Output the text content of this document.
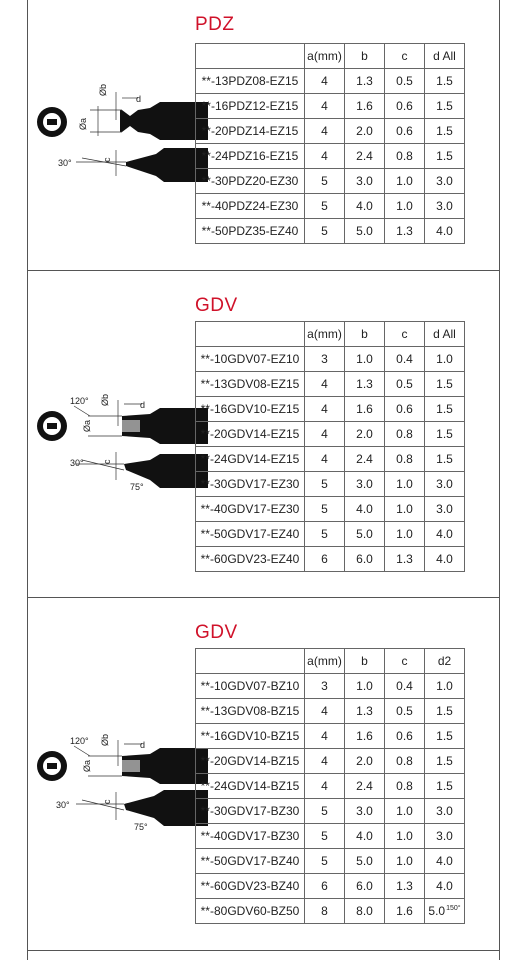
PDZ
Øa
Øb
d
30°	c
	a(mm)	b	c	d All
**-13PDZ08-EZ15	4	1.3	0.5	1.5
**-16PDZ12-EZ15	4	1.6	0.6	1.5
**-20PDZ14-EZ15	4	2.0	0.6	1.5
**-24PDZ16-EZ15	4	2.4	0.8	1.5
**-30PDZ20-EZ30	5	3.0	1.0	3.0
**-40PDZ24-EZ30	5	4.0	1.0	3.0
**-50PDZ35-EZ40	5	5.0	1.3	4.0
GDV
120°
Øa
Øb	d
30° c
75°
	a(mm)	b	c	d All
**-10GDV07-EZ10	3	1.0	0.4	1.0
**-13GDV08-EZ15	4	1.3	0.5	1.5
**-16GDV10-EZ15	4	1.6	0.6	1.5
**-20GDV14-EZ15	4	2.0	0.8	1.5
**-24GDV14-EZ15	4	2.4	0.8	1.5
**-30GDV17-EZ30	5	3.0	1.0	3.0
**-40GDV17-EZ30	5	4.0	1.0	3.0
**-50GDV17-EZ40	5	5.0	1.0	4.0
**-60GDV23-EZ40	6	6.0	1.3	4.0
GDV
120°
Øa
Øb	d
30°	c
75°
	a(mm)	b	c	d2
**-10GDV07-BZ10	3	1.0	0.4	1.0
**-13GDV08-BZ15	4	1.3	0.5	1.5
**-16GDV10-BZ15	4	1.6	0.6	1.5
**-20GDV14-BZ15	4	2.0	0.8	1.5
**-24GDV14-BZ15	4	2.4	0.8	1.5
**-30GDV17-BZ30	5	3.0	1.0	3.0
**-40GDV17-BZ30	5	4.0	1.0	3.0
**-50GDV17-BZ40	5	5.0	1.0	4.0
**-60GDV23-BZ40	6	6.0	1.3	4.0
**-80GDV60-BZ50	8	8.0	1.6	$5.0^{150^\circ}$
